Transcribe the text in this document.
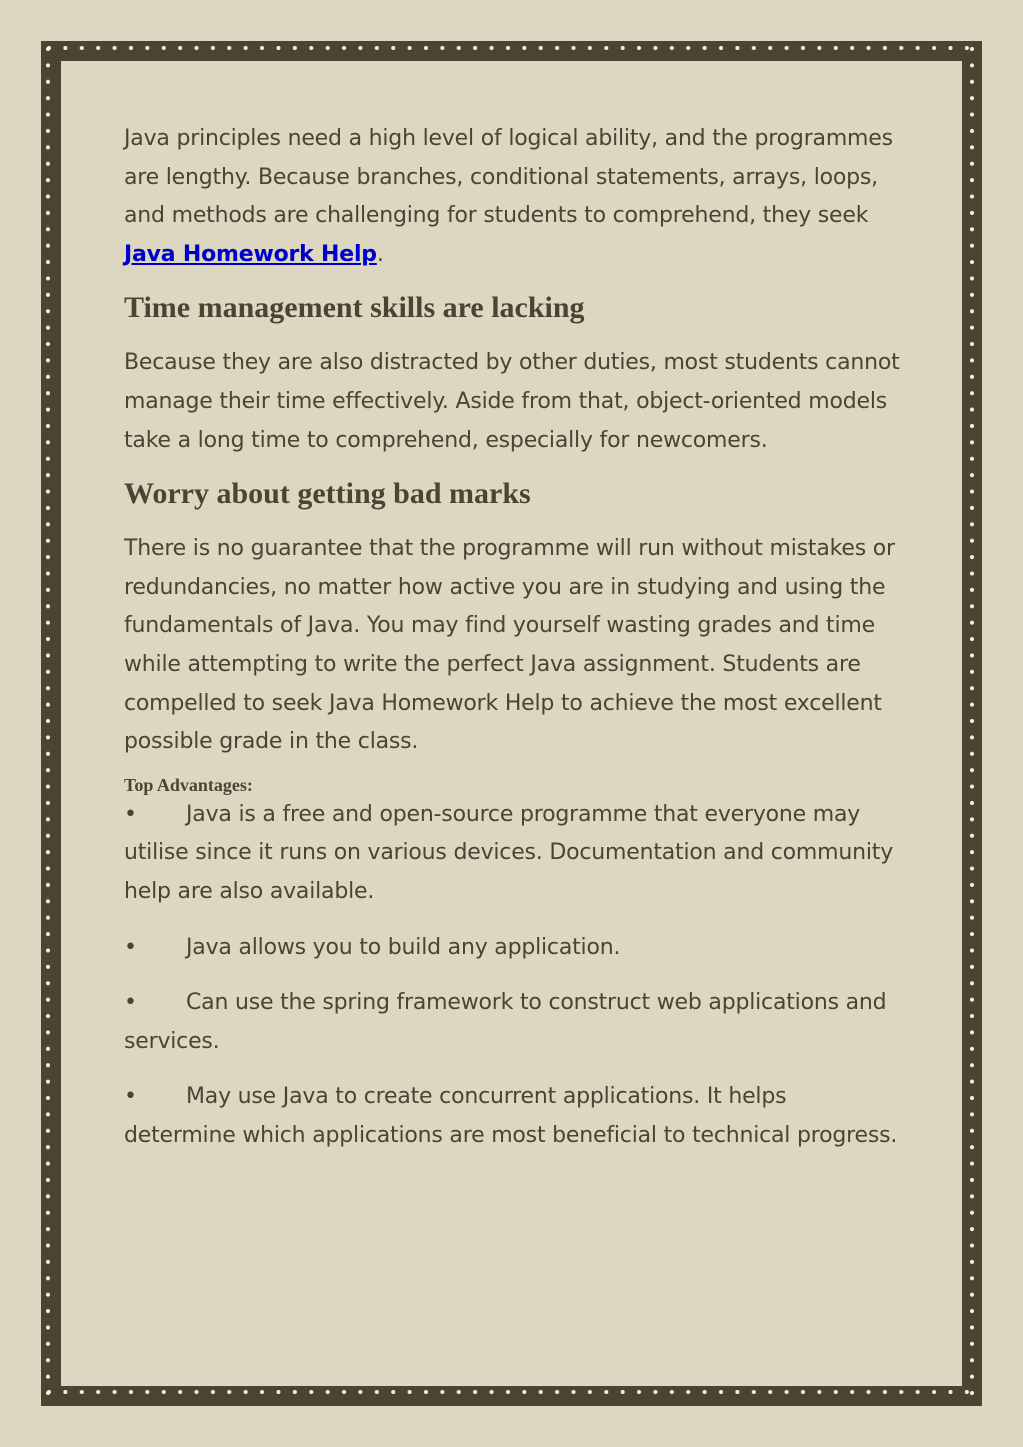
Java principles need a high level of logical ability, and the programmes are lengthy. Because branches, conditional statements, arrays, loops, and methods are challenging for students to comprehend, they seek Java Homework Help.

Time management skills are lacking

Because they are also distracted by other duties, most students cannot manage their time effectively. Aside from that, object-oriented models take a long time to comprehend, especially for newcomers.

Worry about getting bad marks

There is no guarantee that the programme will run without mistakes or redundancies, no matter how active you are in studying and using the fundamentals of Java. You may find yourself wasting grades and time while attempting to write the perfect Java assignment. Students are compelled to seek Java Homework Help to achieve the most excellent possible grade in the class.

Top Advantages:

• Java is a free and open-source programme that everyone may utilise since it runs on various devices. Documentation and community help are also available.

• Java allows you to build any application.

• Can use the spring framework to construct web applications and services.

• May use Java to create concurrent applications. It helps determine which applications are most beneficial to technical progress.
